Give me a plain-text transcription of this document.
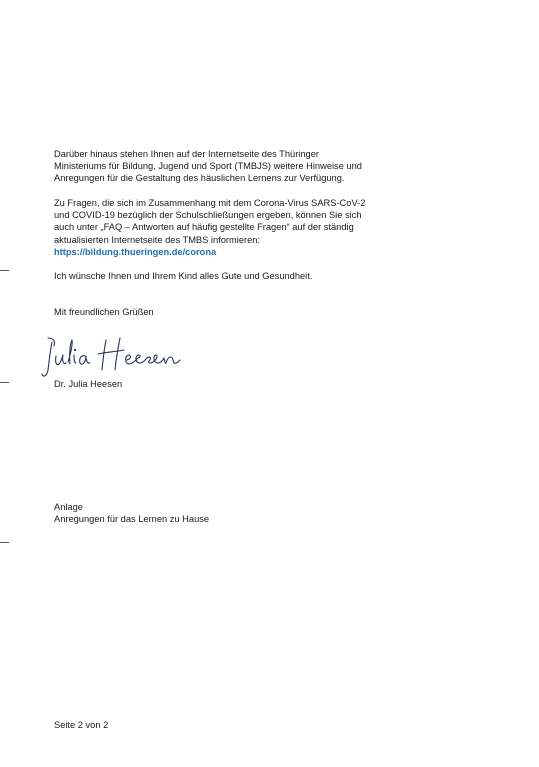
Darüber hinaus stehen Ihnen auf der Internetseite des Thüringer

Ministeriums für Bildung, Jugend und Sport (TMBJS) weitere Hinweise und

Anregungen für die Gestaltung des häuslichen Lernens zur Verfügung.

Zu Fragen, die sich im Zusammenhang mit dem Corona-Virus SARS-CoV-2

und COVID-19 bezüglich der Schulschließungen ergeben, können Sie sich

auch unter „FAQ – Antworten auf häufig gestellte Fragen“ auf der ständig

aktualisierten Internetseite des TMBS informieren:

https://bildung.thueringen.de/corona

Ich wünsche Ihnen und Ihrem Kind alles Gute und Gesundheit.

Mit freundlichen Grüßen

Dr. Julia Heesen

Anlage

Anregungen für das Lernen zu Hause

Seite 2 von 2
